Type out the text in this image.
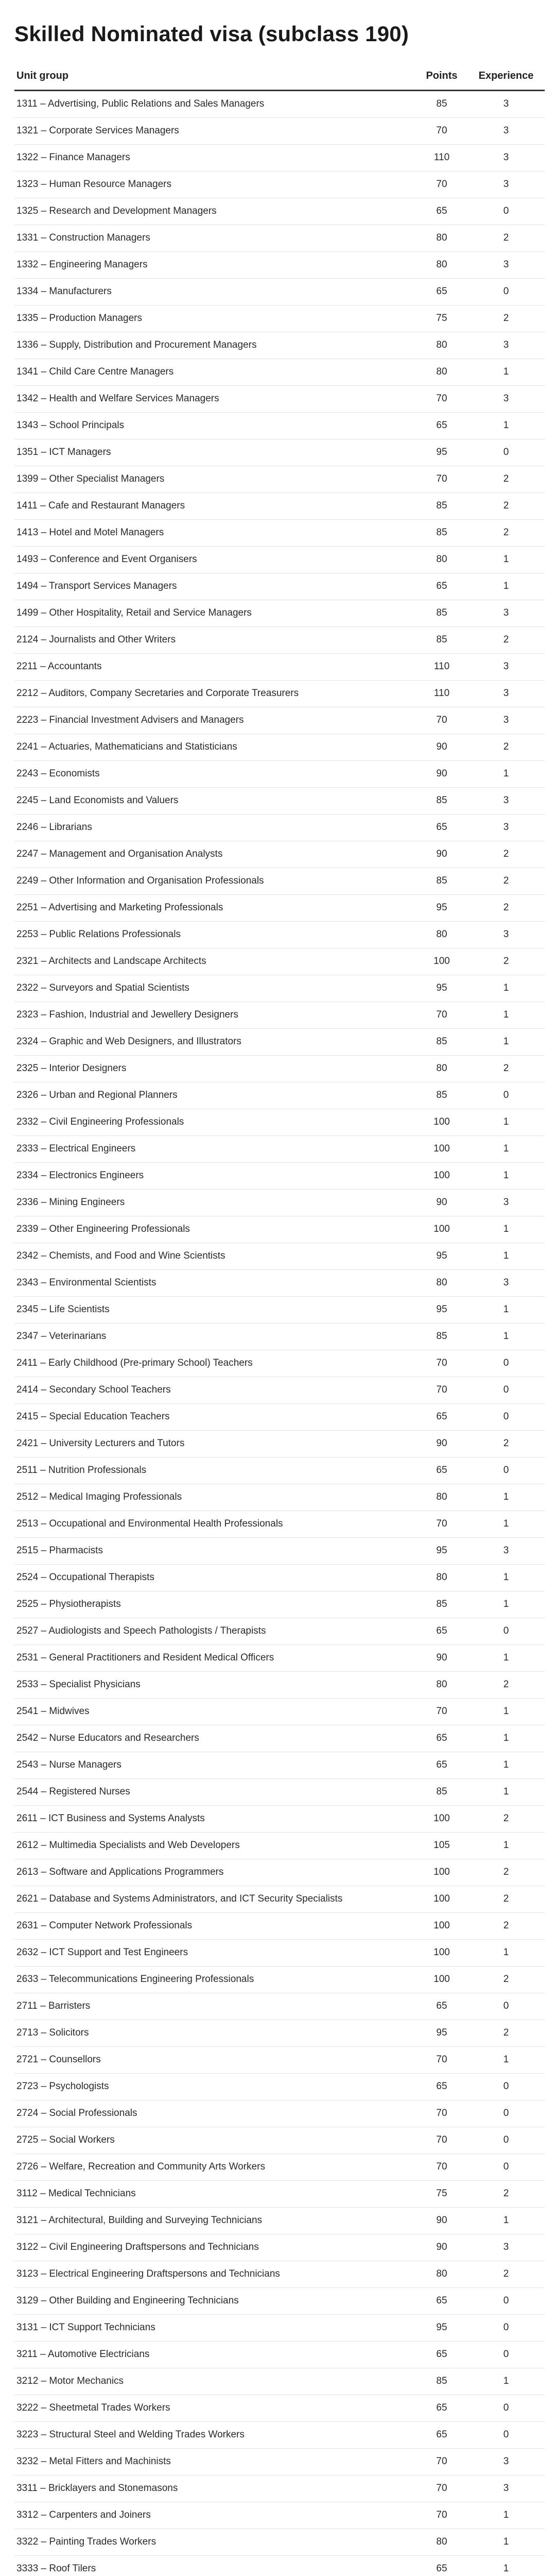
Skilled Nominated visa (subclass 190)
Unit group	Points	Experience
1311 – Advertising, Public Relations and Sales Managers	85	3
1321 – Corporate Services Managers	70	3
1322 – Finance Managers	110	3
1323 – Human Resource Managers	70	3
1325 – Research and Development Managers	65	0
1331 – Construction Managers	80	2
1332 – Engineering Managers	80	3
1334 – Manufacturers	65	0
1335 – Production Managers	75	2
1336 – Supply, Distribution and Procurement Managers	80	3
1341 – Child Care Centre Managers	80	1
1342 – Health and Welfare Services Managers	70	3
1343 – School Principals	65	1
1351 – ICT Managers	95	0
1399 – Other Specialist Managers	70	2
1411 – Cafe and Restaurant Managers	85	2
1413 – Hotel and Motel Managers	85	2
1493 – Conference and Event Organisers	80	1
1494 – Transport Services Managers	65	1
1499 – Other Hospitality, Retail and Service Managers	85	3
2124 – Journalists and Other Writers	85	2
2211 – Accountants	110	3
2212 – Auditors, Company Secretaries and Corporate Treasurers	110	3
2223 – Financial Investment Advisers and Managers	70	3
2241 – Actuaries, Mathematicians and Statisticians	90	2
2243 – Economists	90	1
2245 – Land Economists and Valuers	85	3
2246 – Librarians	65	3
2247 – Management and Organisation Analysts	90	2
2249 – Other Information and Organisation Professionals	85	2
2251 – Advertising and Marketing Professionals	95	2
2253 – Public Relations Professionals	80	3
2321 – Architects and Landscape Architects	100	2
2322 – Surveyors and Spatial Scientists	95	1
2323 – Fashion, Industrial and Jewellery Designers	70	1
2324 – Graphic and Web Designers, and Illustrators	85	1
2325 – Interior Designers	80	2
2326 – Urban and Regional Planners	85	0
2332 – Civil Engineering Professionals	100	1
2333 – Electrical Engineers	100	1
2334 – Electronics Engineers	100	1
2336 – Mining Engineers	90	3
2339 – Other Engineering Professionals	100	1
2342 – Chemists, and Food and Wine Scientists	95	1
2343 – Environmental Scientists	80	3
2345 – Life Scientists	95	1
2347 – Veterinarians	85	1
2411 – Early Childhood (Pre-primary School) Teachers	70	0
2414 – Secondary School Teachers	70	0
2415 – Special Education Teachers	65	0
2421 – University Lecturers and Tutors	90	2
2511 – Nutrition Professionals	65	0
2512 – Medical Imaging Professionals	80	1
2513 – Occupational and Environmental Health Professionals	70	1
2515 – Pharmacists	95	3
2524 – Occupational Therapists	80	1
2525 – Physiotherapists	85	1
2527 – Audiologists and Speech Pathologists / Therapists	65	0
2531 – General Practitioners and Resident Medical Officers	90	1
2533 – Specialist Physicians	80	2
2541 – Midwives	70	1
2542 – Nurse Educators and Researchers	65	1
2543 – Nurse Managers	65	1
2544 – Registered Nurses	85	1
2611 – ICT Business and Systems Analysts	100	2
2612 – Multimedia Specialists and Web Developers	105	1
2613 – Software and Applications Programmers	100	2
2621 – Database and Systems Administrators, and ICT Security Specialists	100	2
2631 – Computer Network Professionals	100	2
2632 – ICT Support and Test Engineers	100	1
2633 – Telecommunications Engineering Professionals	100	2
2711 – Barristers	65	0
2713 – Solicitors	95	2
2721 – Counsellors	70	1
2723 – Psychologists	65	0
2724 – Social Professionals	70	0
2725 – Social Workers	70	0
2726 – Welfare, Recreation and Community Arts Workers	70	0
3112 – Medical Technicians	75	2
3121 – Architectural, Building and Surveying Technicians	90	1
3122 – Civil Engineering Draftspersons and Technicians	90	3
3123 – Electrical Engineering Draftspersons and Technicians	80	2
3129 – Other Building and Engineering Technicians	65	0
3131 – ICT Support Technicians	95	0
3211 – Automotive Electricians	65	0
3212 – Motor Mechanics	85	1
3222 – Sheetmetal Trades Workers	65	0
3223 – Structural Steel and Welding Trades Workers	65	0
3232 – Metal Fitters and Machinists	70	3
3311 – Bricklayers and Stonemasons	70	3
3312 – Carpenters and Joiners	70	1
3322 – Painting Trades Workers	80	1
3333 – Roof Tilers	65	1
